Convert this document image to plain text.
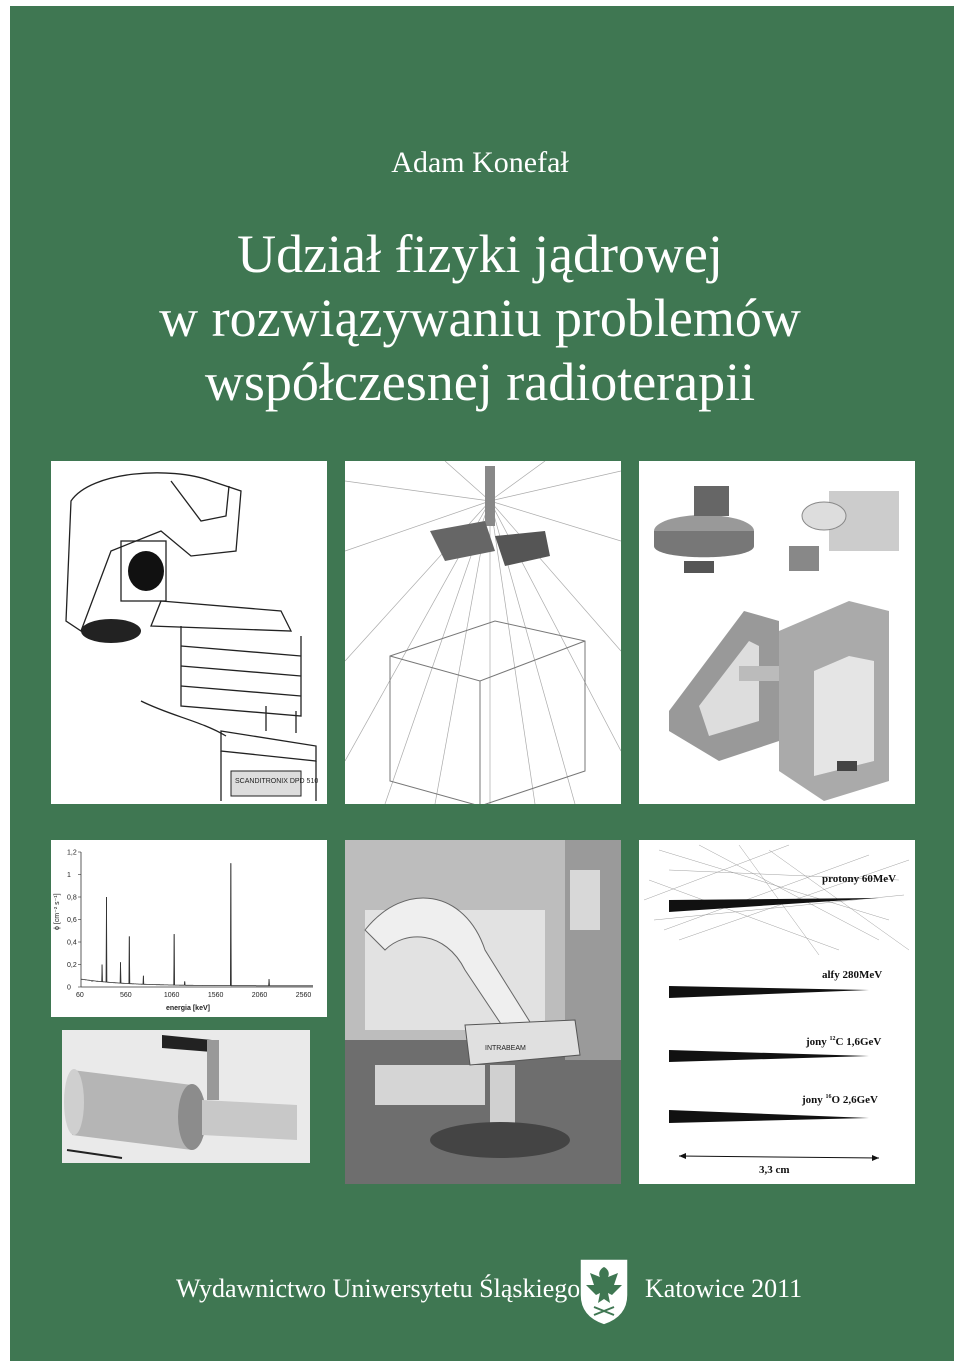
Adam Konefał
Udział fizyki jądrowej
w rozwiązywaniu problemów
współczesnej radioterapii
SCANDITRONIX DPD 510
0
0,2
0,4
0,6
0,8
1
1,2
60	560	1060	1560	2060	2560
ϕ [cm⁻² s⁻¹]
energia [keV]
INTRABEAM
protony 60MeV
alfy 280MeV
jony $^{12}$C 1,6GeV
jony $^{16}$O 2,6GeV
3,3 cm
Wydawnictwo Uniwersytetu Śląskiego Katowice 2011
